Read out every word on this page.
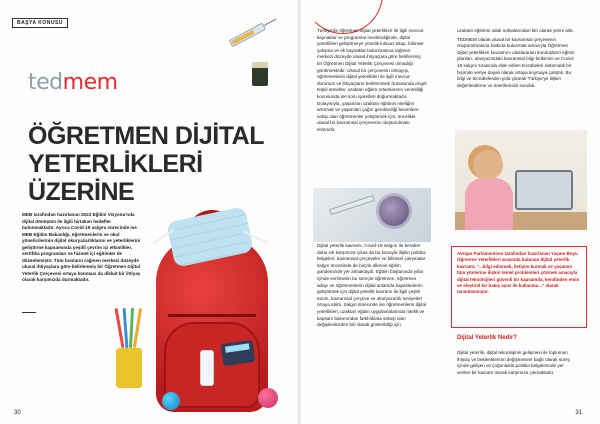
BAŞYA KONUSU
tedmem
ÖĞRETMEN DİJİTAL
YETERLİKLERİ ÜZERİNE
MEB tarafından hazırlanan 2023 Eğitim Vizyonu'nda dijital dönüşüm ile ilgili birtakım hedefler bulunmaktadır. Ayrıca Covid-19 salgını sürecinde ise MEB Eğitim Bakanlığı, öğretmenlerin ve okul yöneticilerinin dijital okuryazarlıklarını ve yeterliklerini geliştirme kapsamında çeşitli çevrim içi etkinlikler, sertifika programları ve hizmet içi eğitimler de düzenlemiştir. Tüm bunların rağmen merkezi düzeyde ulusal ihtiyaçlara göre belirlenmiş bir Öğretmen Dijital Yeterlik Çerçevesi ortaya konması da dikkat bir ihtiyaç olarak karşımızda durmaktadır.
30

Türkiye'de öğretmen dijital yeterlikleri ile ilgili mevcut kaynaklar ve programlar incelendiğinde, dijital yeterlikleri geliştirmeye yönelik kılavuz kitap, bilimsel çalışma ve ek kaynaklar bulunmasına rağmen merkezi düzeyde ulusal ihtiyaçlara göre belirlenmiş bir Öğretmen Dijital Yeterlik Çerçevesi olmadığı görülmektedir. Ulusal bir çerçevenin olmayışı, öğretmenlerin dijital yeterlikleri ile ilgili mevcut durumun ve ihtiyaçların belirlenmesi hususunda engel teşkil etmekte; uzaktan eğitim ortamlarının verimliliği konusunda ise soru işaretleri doğurmaktadır. Dolayısıyla, yaşanılan uzaktan eğitimin niteliğini artırmak ve yaşanılan çağın gerektirdiği becerilere sahip olan öğretmenler yetiştirmek için, öncelikle ulusal bir kavramsal çerçevenin oluşturulması elzemdir.

Dijital yeterlik kavramı, Covid-19 salgını ile beraber daha sık karşımıza çıksa da bu konuyla ilişkin politika belgeleri, kavramsal çerçeveler ve bilimsel çalışmalar salgın öncesinde de birçok ülkenin eğitim gündeminde yer almaktaydı. Eğitim başlanında yıllar içinde evrilmesin bu süreçte öğretmen, öğretmen adayı ve öğretmenlerin dijital anlamda kapasitelerini geliştirmek için dijital yeterlik kavramı ile ilgili çeşitli tanım, kavramsal çerçeve ve okuryazarlık seviyeleri ortaya atıldı. Salgın sürecinde ise öğretmenlerin dijital yeterlikleri, uzaktan eğitim uygulamalarında nitelik ve kapsam bakımından farklılıklara sebep olan değişkenlerden biri olarak gösterildiği için

uzaktan eğitimin odak noktalarından biri olarak yerini aldı.

TEDMEM olarak ulusal bir kavramsal çerçevenin oluşturulmasına katkıda bulunmak amacıyla Öğretmen dijital yeterlikleri kavramını uluslararası kuruluşların eğitim planları, alanyazındaki kavramsal bilgi birikimini ve Covid-19 salgını sırasında elde edilen tecrübeleri sistematik bir biçimde veriye dayalı olarak ortaya koymaya çalıştık. Bu bilgi ve tecrübelerden yola çıkarak Türkiye'ye ilişkin değerlendirme ve önerilerimizi sunduk.

Avrupa Parlamentosu tarafından hazırlanan Yaşam Boyu Öğrenme Yeterlikleri arasında bulunan dijital yeterlik kavramı; "...bilgi edinmek, iletişim kurmak ve yaşamın tüm yönlerine ilişkin temel problemleri çözmek amacıyla dijital teknolojileri güvenli bir kapsamda, kendinden emin ve eleştirel bir bakış açısı ile kullanma..." olarak tanımlanmıştır.
Dijital Yeterlik Nedir?

Dijital yeterlik, dijital teknolojinin gelişmesi ile toplumun ihtiyaç ve beklentilerinin değişmesine bağlı olarak süreç içinde gelişen ve çoğunlukla politika belgelerinde yer verilen bir kavram olarak karşımıza çıkmaktadır.

31
